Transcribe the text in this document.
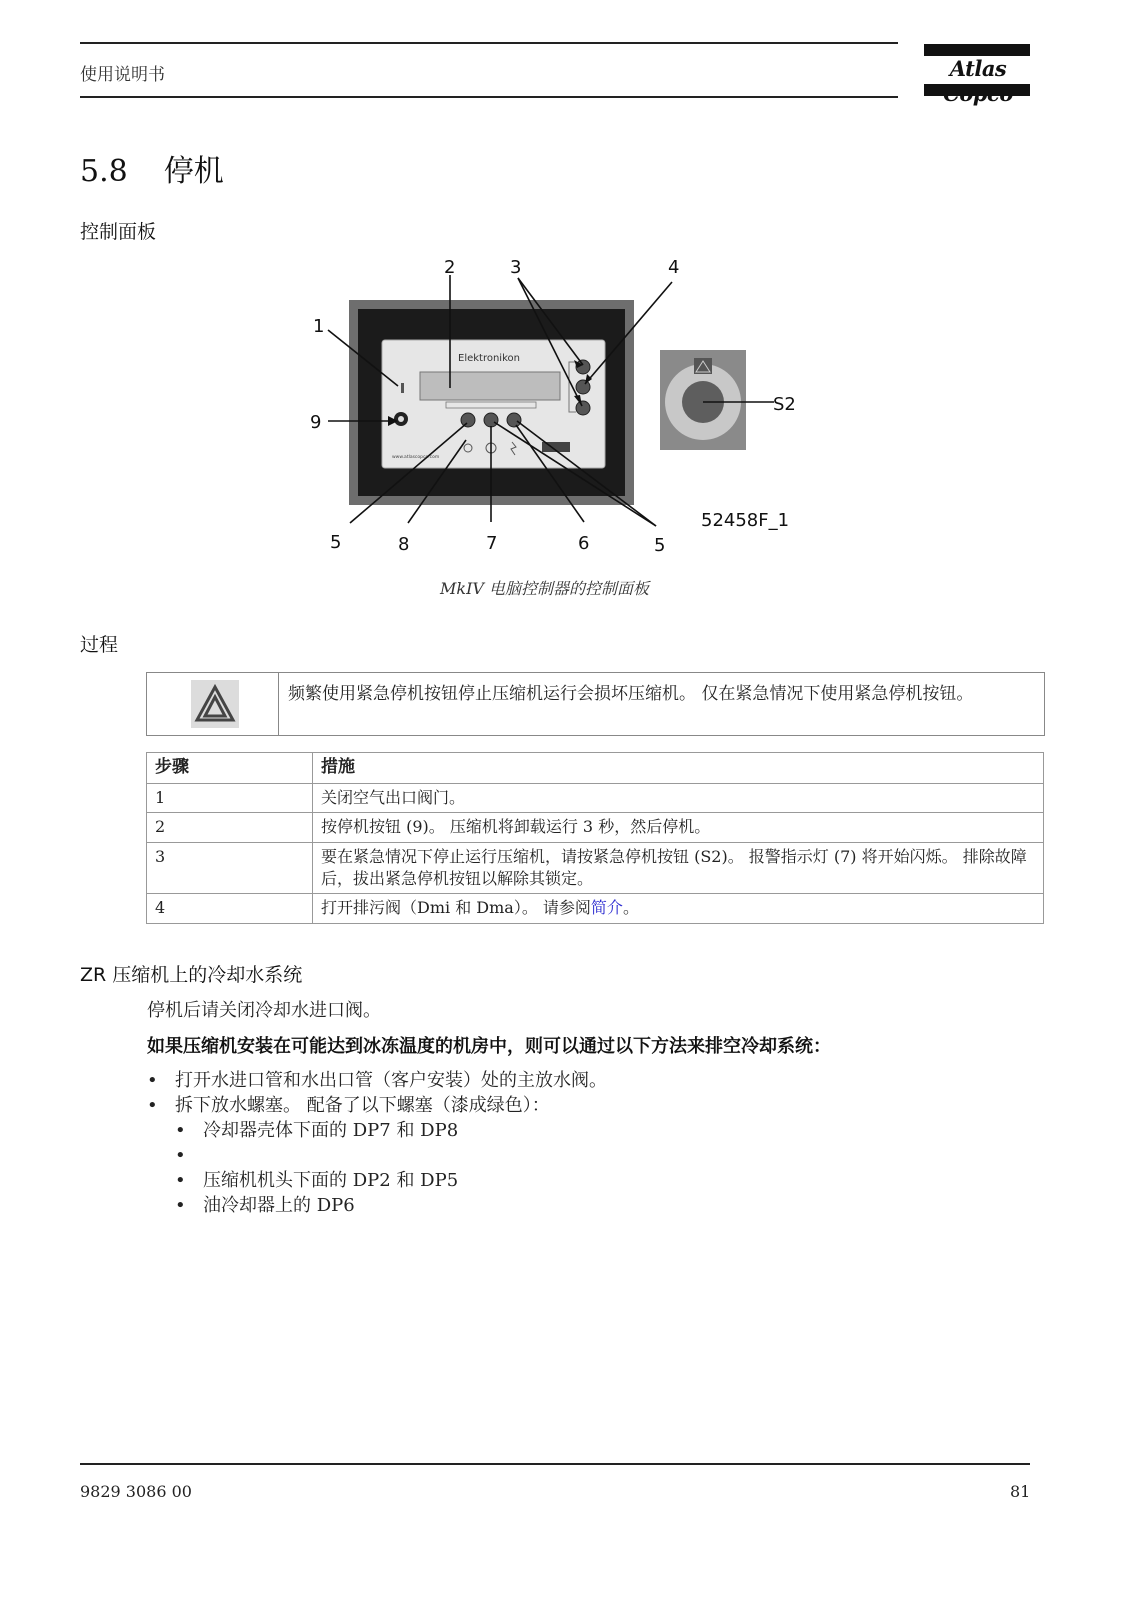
使用说明书	Atlas
5.8 停机
控制面板
Elektronikon
www.atlascopco.com
2	3	4
1
9
S2
5	8	7	6	5
52458F_1
MkIV 电脑控制器的控制面板
过程
频繁使用紧急停机按钮停止压缩机运行会损坏压缩机。 仅在紧急情况下使用紧急停机按钮。
步骤	措施
1	关闭空气出口阀门。
2	按停机按钮 (9)。 压缩机将卸载运行 3 秒，然后停机。
3	要在紧急情况下停止运行压缩机，请按紧急停机按钮 (S2)。 报警指示灯 (7) 将开始闪烁。 排除故障后，拔出紧急停机按钮以解除其锁定。
4	打开排污阀（Dmi 和 Dma）。 请参阅简介。
ZR 压缩机上的冷却水系统
停机后请关闭冷却水进口阀。
如果压缩机安装在可能达到冰冻温度的机房中，则可以通过以下方法来排空冷却系统：
• 打开水进口管和水出口管（客户安装）处的主放水阀。
• 拆下放水螺塞。 配备了以下螺塞（漆成绿色）：
• 冷却器壳体下面的 DP7 和 DP8
•
• 压缩机机头下面的 DP2 和 DP5
• 油冷却器上的 DP6
9829 3086 00	81
